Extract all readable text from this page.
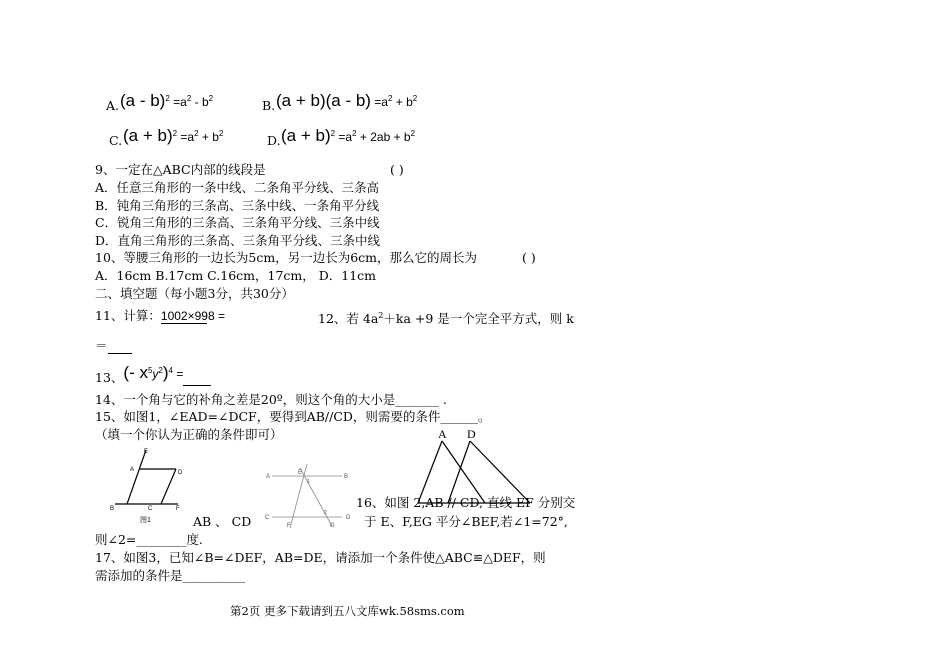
A. $(a - b)^2 =a^2 - b^2$	B. $(a + b)(a - b) =a^2 + b^2$
C. $(a + b)^2 =a^2 + b^2$	D. $(a + b)^2 =a^2 + 2ab + b^2$
9、一定在△ABC内部的线段是	( )
A．任意三角形的一条中线、二条角平分线、三条高
B．钝角三角形的三条高、三条中线、一条角平分线
C．锐角三角形的三条高、三条角平分线、三条中线
D．直角三角形的三条高、三条角平分线、三条中线
10、等腰三角形的一边长为5cm，另一边长为6cm，那么它的周长为	( )
A．16cm B.17cm C.16cm，17cm， D．11cm
二、填空题（每小题3分，共30分）
11、计算： 1002×998 =	12、若 $4a^2+ka +9$ 是一个完全平方式，则 k
＝
13、(- $x^5y^2)^4$ =
14、一个角与它的补角之差是20º，则这个角的大小是_______ .
15、如图1，∠EAD=∠DCF，要得到AB//CD，则需要的条件______。
（填一个你认为正确的条件即可）
E
A	D
B	C	F
图1
A
E
B
C
2
D
F	G
1
A D
16、如图 2,AB // CD, 直线 EF 分别交
AB 、 CD	于 E、F,EG 平分∠BEF,若∠1=72°,
则∠2=________度.
17、如图3，已知∠B=∠DEF，AB=DE，请添加一个条件使△ABC≌△DEF，则
需添加的条件是__________
第2页 更多下载请到五八文库wk.58sms.com
